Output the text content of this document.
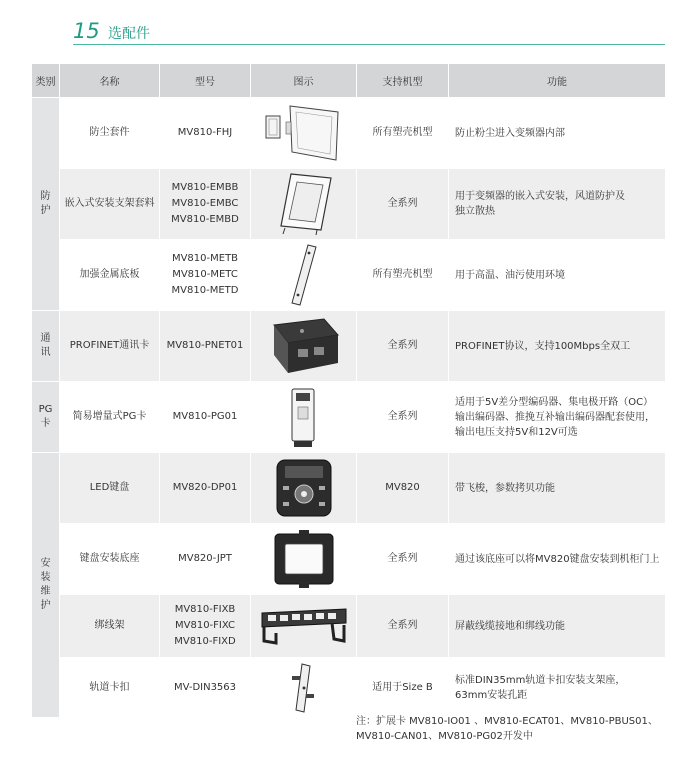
15 选配件
类别	名称	型号	图示	支持机型	功能

防
护	防尘套件	MV810-FHJ		所有塑壳机型	防止粉尘进入变频器内部

	嵌入式安装支架套料	MV810-EMBB
MV810-EMBC
MV810-EMBD		全系列	用于变频器的嵌入式安装，风道防护及
独立散热

	加强金属底板	MV810-METB
MV810-METC
MV810-METD		所有塑壳机型	用于高温、油污使用环境

通
讯	PROFINET通讯卡	MV810-PNET01		全系列	PROFINET协议，支持100Mbps全双工

PG
卡	简易增量式PG卡	MV810-PG01		全系列	适用于5V差分型编码器、集电极开路（OC）
输出编码器、推挽互补输出编码器配套使用，
输出电压支持5V和12V可选

安
装
维
护	LED键盘	MV820-DP01		MV820	带飞梭，参数拷贝功能

	键盘安装底座	MV820-JPT		全系列	通过该底座可以将MV820键盘安装到机柜门上

	绑线架	MV810-FIXB
MV810-FIXC
MV810-FIXD		全系列	屏蔽线缆接地和绑线功能

	轨道卡扣	MV-DIN3563		适用于Size B	标准DIN35mm轨道卡扣安装支架座，
63mm安装孔距
注：扩展卡 MV810-IO01 、MV810-ECAT01、MV810-PBUS01、
MV810-CAN01、MV810-PG02开发中
